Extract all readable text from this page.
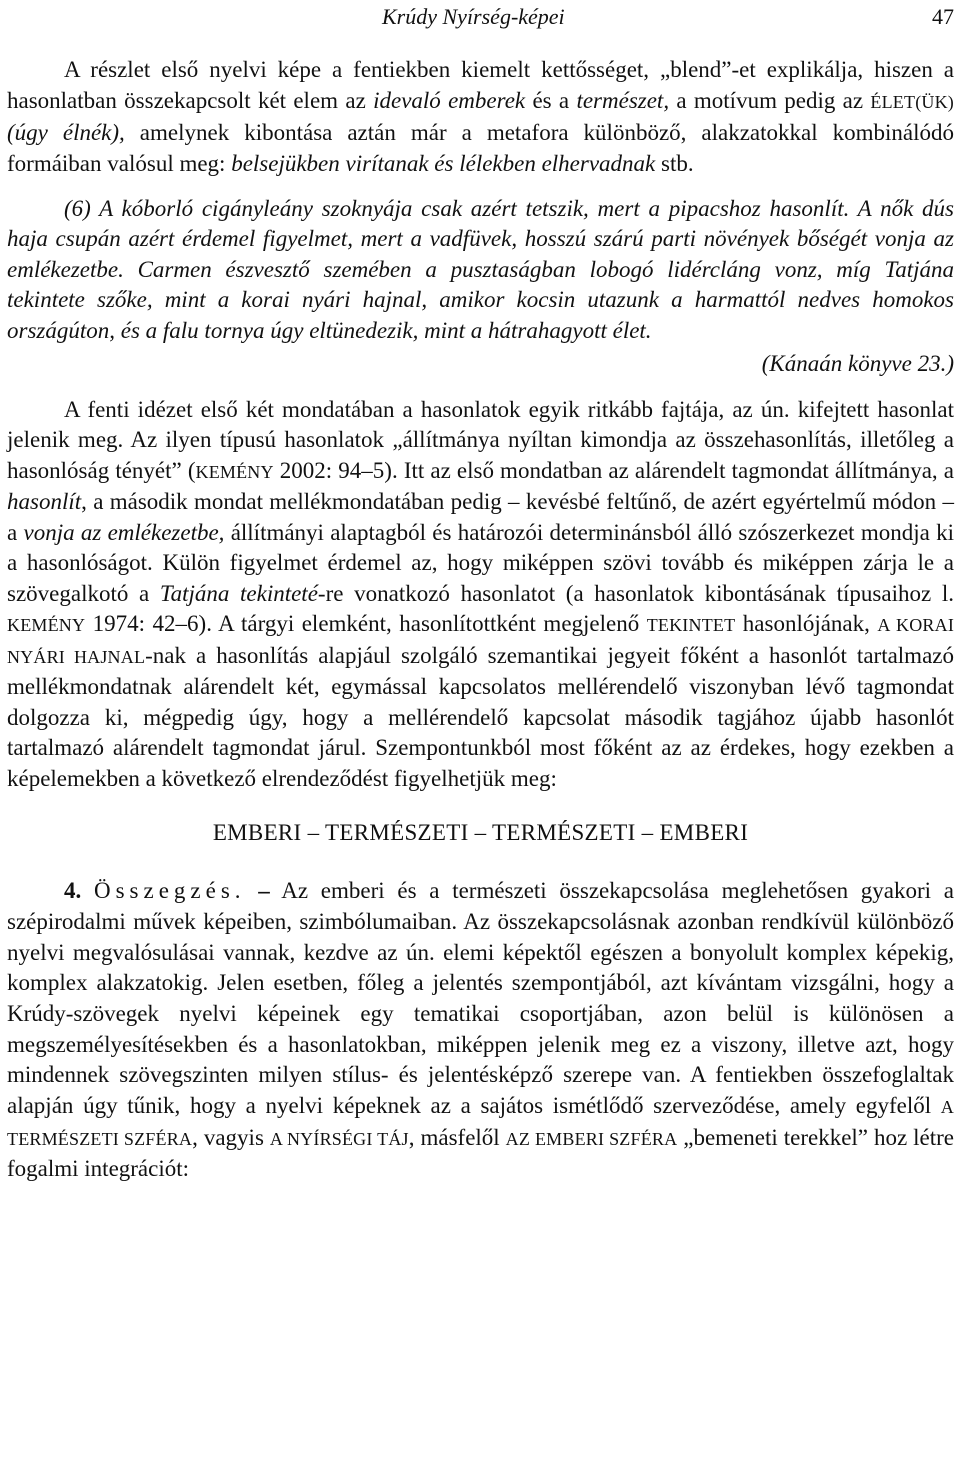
Krúdy Nyírség-képei	47

A részlet első nyelvi képe a fentiekben kiemelt kettősséget, „blend”-et explikálja, hiszen a hasonlatban összekapcsolt két elem az idevaló emberek és a természet, a motívum pedig az ÉLET(ÜK) (úgy élnék), amelynek kibontása aztán már a metafora különböző, alakzatokkal kombinálódó formáiban valósul meg: belsejükben virítanak és lélekben elhervadnak stb.

(6) A kóborló cigányleány szoknyája csak azért tetszik, mert a pipacshoz hasonlít. A nők dús haja csupán azért érdemel figyelmet, mert a vadfüvek, hosszú szárú parti növények bőségét vonja az emlékezetbe. Carmen észvesztő szemében a pusztaságban lobogó lidércláng vonz, míg Tatjána tekintete szőke, mint a korai nyári hajnal, amikor kocsin utazunk a harmattól nedves homokos országúton, és a falu tornya úgy eltünedezik, mint a hátrahagyott élet.

(Kánaán könyve 23.)

A fenti idézet első két mondatában a hasonlatok egyik ritkább fajtája, az ún. kifejtett hasonlat jelenik meg. Az ilyen típusú hasonlatok „állítmánya nyíltan kimondja az összehasonlítás, illetőleg a hasonlóság tényét” (KEMÉNY 2002: 94–5). Itt az első mondatban az alárendelt tagmondat állítmánya, a hasonlít, a második mondat mellékmondatában pedig – kevésbé feltűnő, de azért egyértelmű módon – a vonja az emlékezetbe, állítmányi alaptagból és határozói determinánsból álló szószerkezet mondja ki a hasonlóságot. Külön figyelmet érdemel az, hogy miképpen szövi tovább és miképpen zárja le a szövegalkotó a Tatjána tekinteté-re vonatkozó hasonlatot (a hasonlatok kibontásának típusaihoz l. KEMÉNY 1974: 42–6). A tárgyi elemként, hasonlítottként megjelenő TEKINTET hasonlójának, A KORAI NYÁRI HAJNAL-nak a hasonlítás alapjául szolgáló szemantikai jegyeit főként a hasonlót tartalmazó mellékmondatnak alárendelt két, egymással kapcsolatos mellérendelő viszonyban lévő tagmondat dolgozza ki, mégpedig úgy, hogy a mellérendelő kapcsolat második tagjához újabb hasonlót tartalmazó alárendelt tagmondat járul. Szempontunkból most főként az az érdekes, hogy ezekben a képelemekben a következő elrendeződést figyelhetjük meg:

EMBERI – TERMÉSZETI – TERMÉSZETI – EMBERI

4. Összegzés. – Az emberi és a természeti összekapcsolása meglehetősen gyakori a szépirodalmi művek képeiben, szimbólumaiban. Az összekapcsolásnak azonban rendkívül különböző nyelvi megvalósulásai vannak, kezdve az ún. elemi képektől egészen a bonyolult komplex képekig, komplex alakzatokig. Jelen esetben, főleg a jelentés szempontjából, azt kívántam vizsgálni, hogy a Krúdy-szövegek nyelvi képeinek egy tematikai csoportjában, azon belül is különösen a megszemélyesítésekben és a hasonlatokban, miképpen jelenik meg ez a viszony, illetve azt, hogy mindennek szövegszinten milyen stílus- és jelentésképző szerepe van. A fentiekben összefoglaltak alapján úgy tűnik, hogy a nyelvi képeknek az a sajátos ismétlődő szerveződése, amely egyfelől A TERMÉSZETI SZFÉRA, vagyis A NYÍRSÉGI TÁJ, másfelől AZ EMBERI SZFÉRA „bemeneti terekkel” hoz létre fogalmi integrációt:
